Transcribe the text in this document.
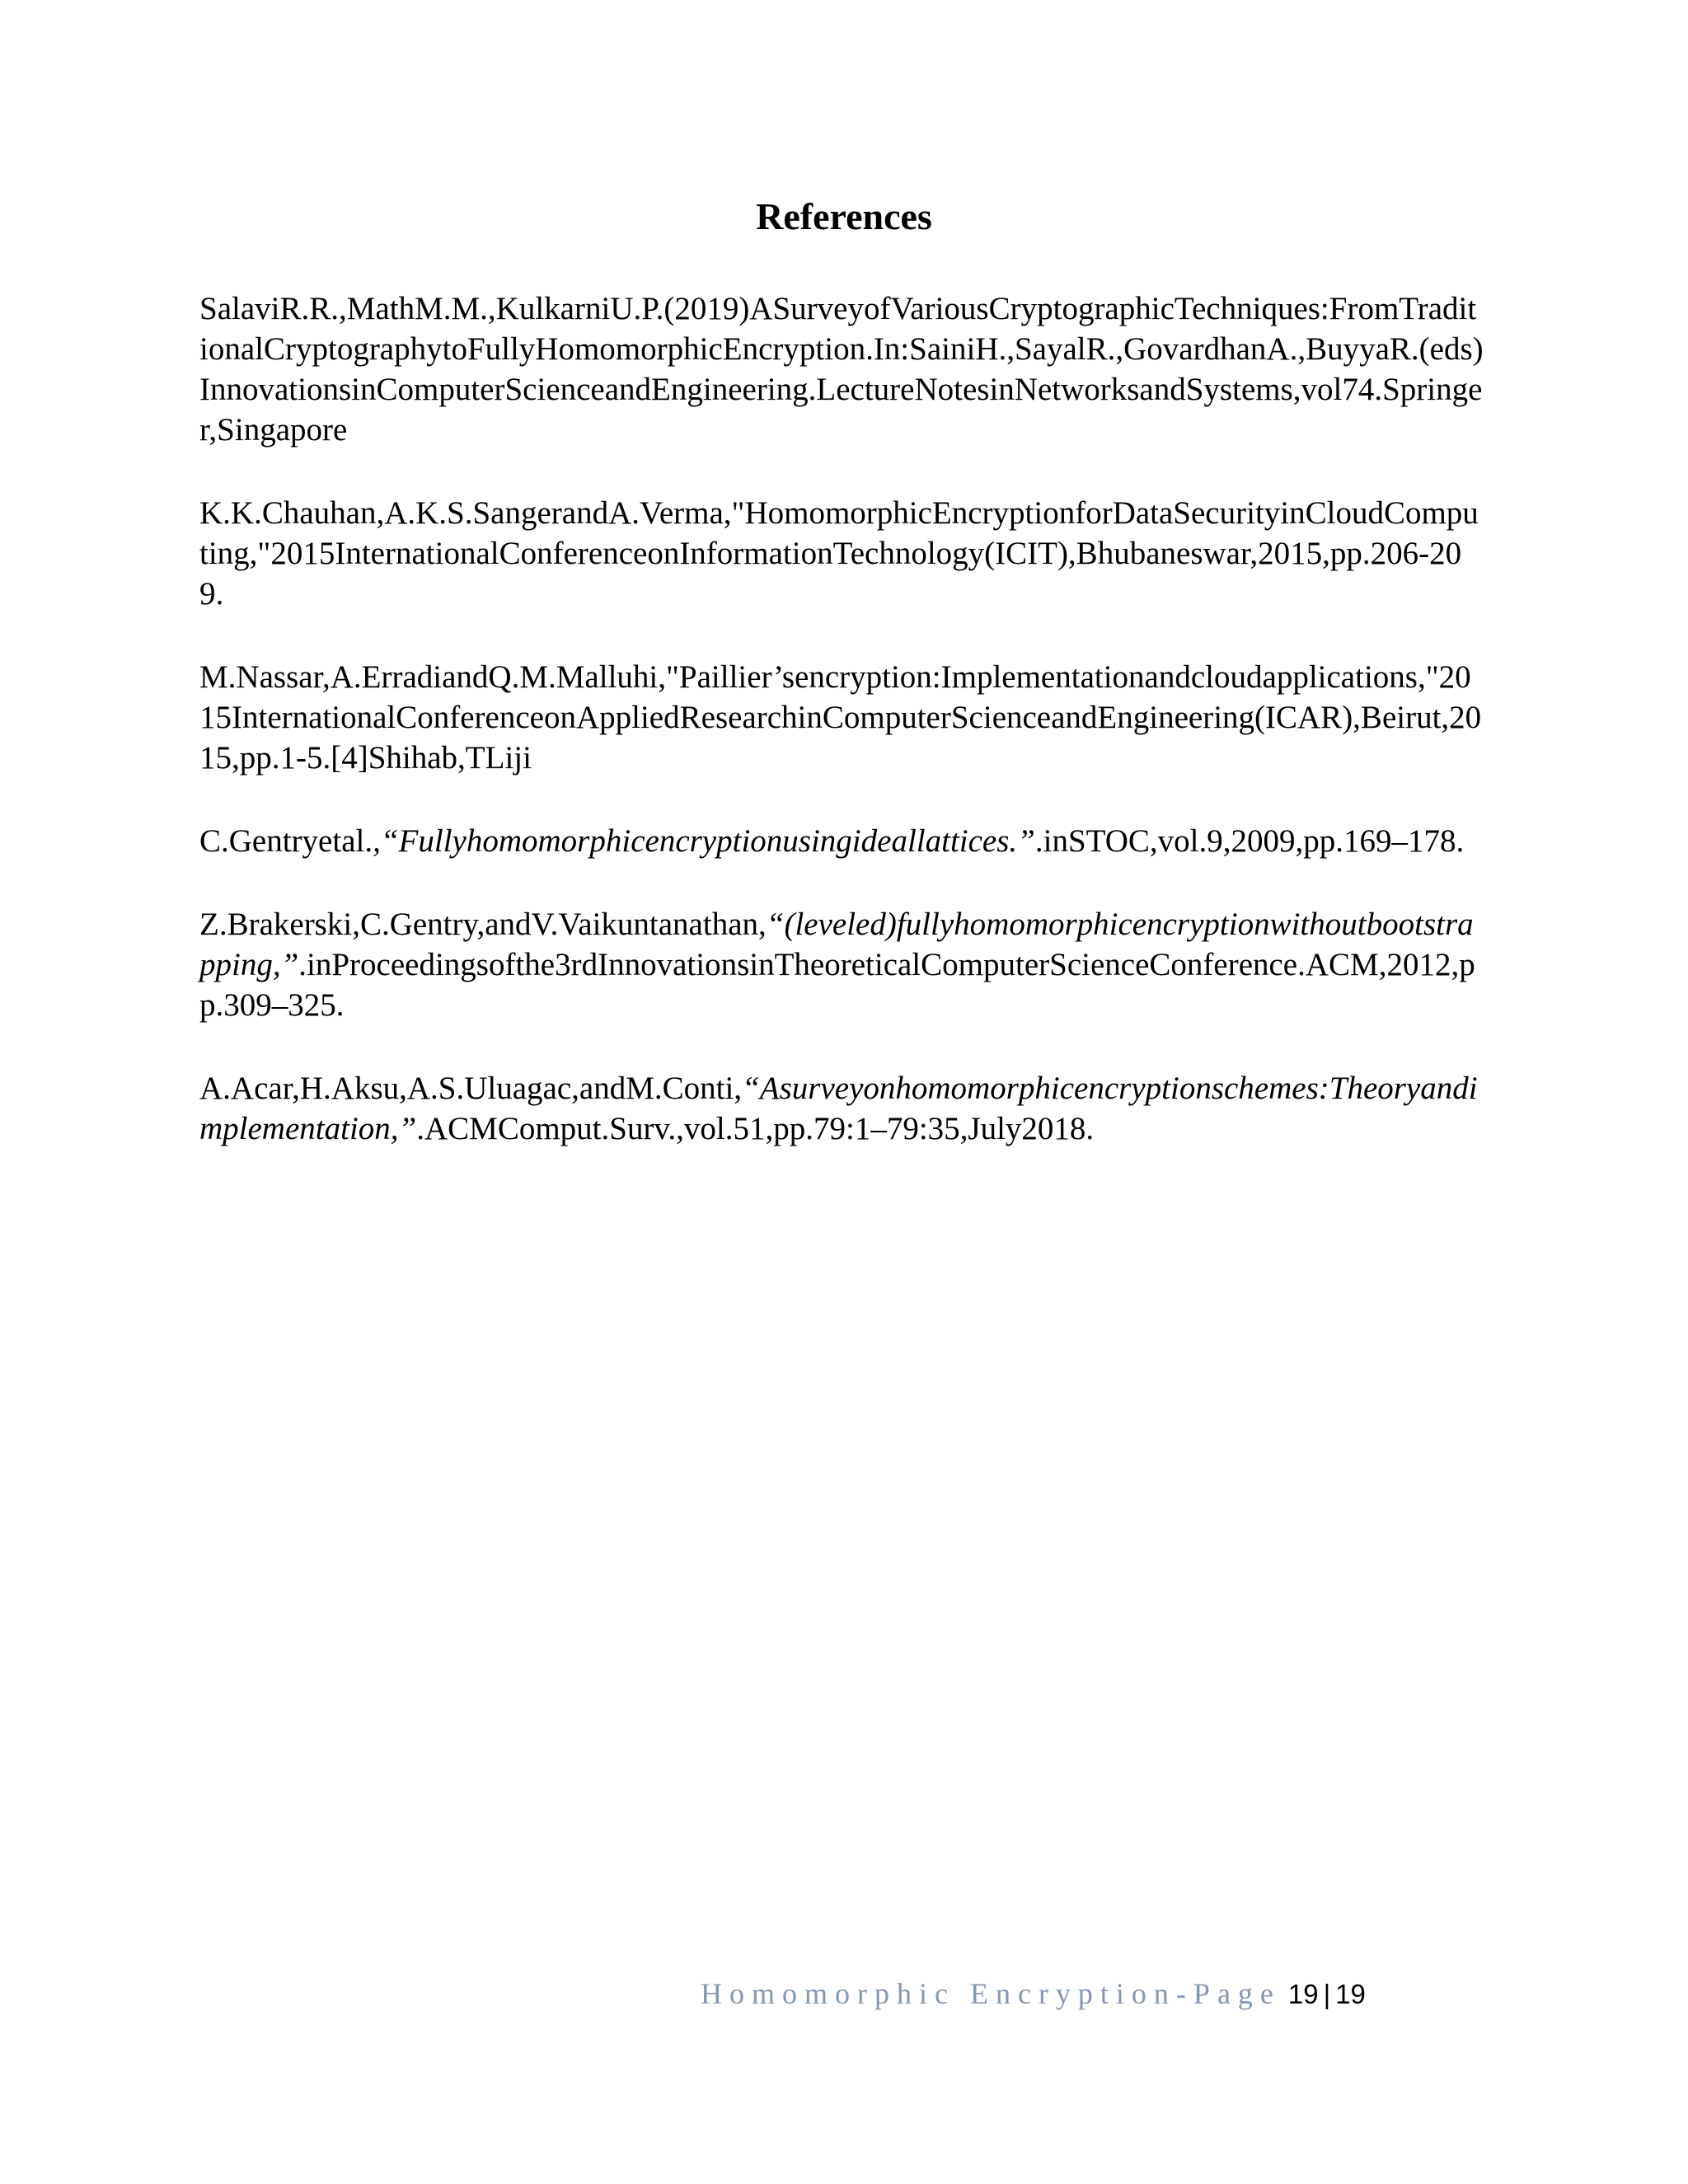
References

SalaviR.R.,MathM.M.,KulkarniU.P.(2019)ASurveyofVariousCryptographicTechniques:FromTraditionalCryptographytoFullyHomomorphicEncryption.In:SainiH.,SayalR.,GovardhanA.,BuyyaR.(eds)InnovationsinComputerScienceandEngineering.LectureNotesinNetworksandSystems,vol74.Springer,Singapore

K.K.Chauhan,A.K.S.SangerandA.Verma,"HomomorphicEncryptionforDataSecurityinCloudComputing,"2015InternationalConferenceonInformationTechnology(ICIT),Bhubaneswar,2015,pp.206-209.

M.Nassar,A.ErradiandQ.M.Malluhi,"Paillier’sencryption:Implementationandcloudapplications,"2015InternationalConferenceonAppliedResearchinComputerScienceandEngineering(ICAR),Beirut,2015,pp.1-5.[4]Shihab,TLiji

C.Gentryetal.,“Fullyhomomorphicencryptionusingideallattices.”.inSTOC,vol.9,2009,pp.169–178.

Z.Brakerski,C.Gentry,andV.Vaikuntanathan,“(leveled)fullyhomomorphicencryptionwithoutbootstrapping,”.inProceedingsofthe3rdInnovationsinTheoreticalComputerScienceConference.ACM,2012,pp.309–325.

A.Acar,H.Aksu,A.S.Uluagac,andM.Conti,“Asurveyonhomomorphicencryptionschemes:Theoryandimplementation,”.ACMComput.Surv.,vol.51,pp.79:1–79:35,July2018.

Homomorphic Encryption-Page 19 | 19
